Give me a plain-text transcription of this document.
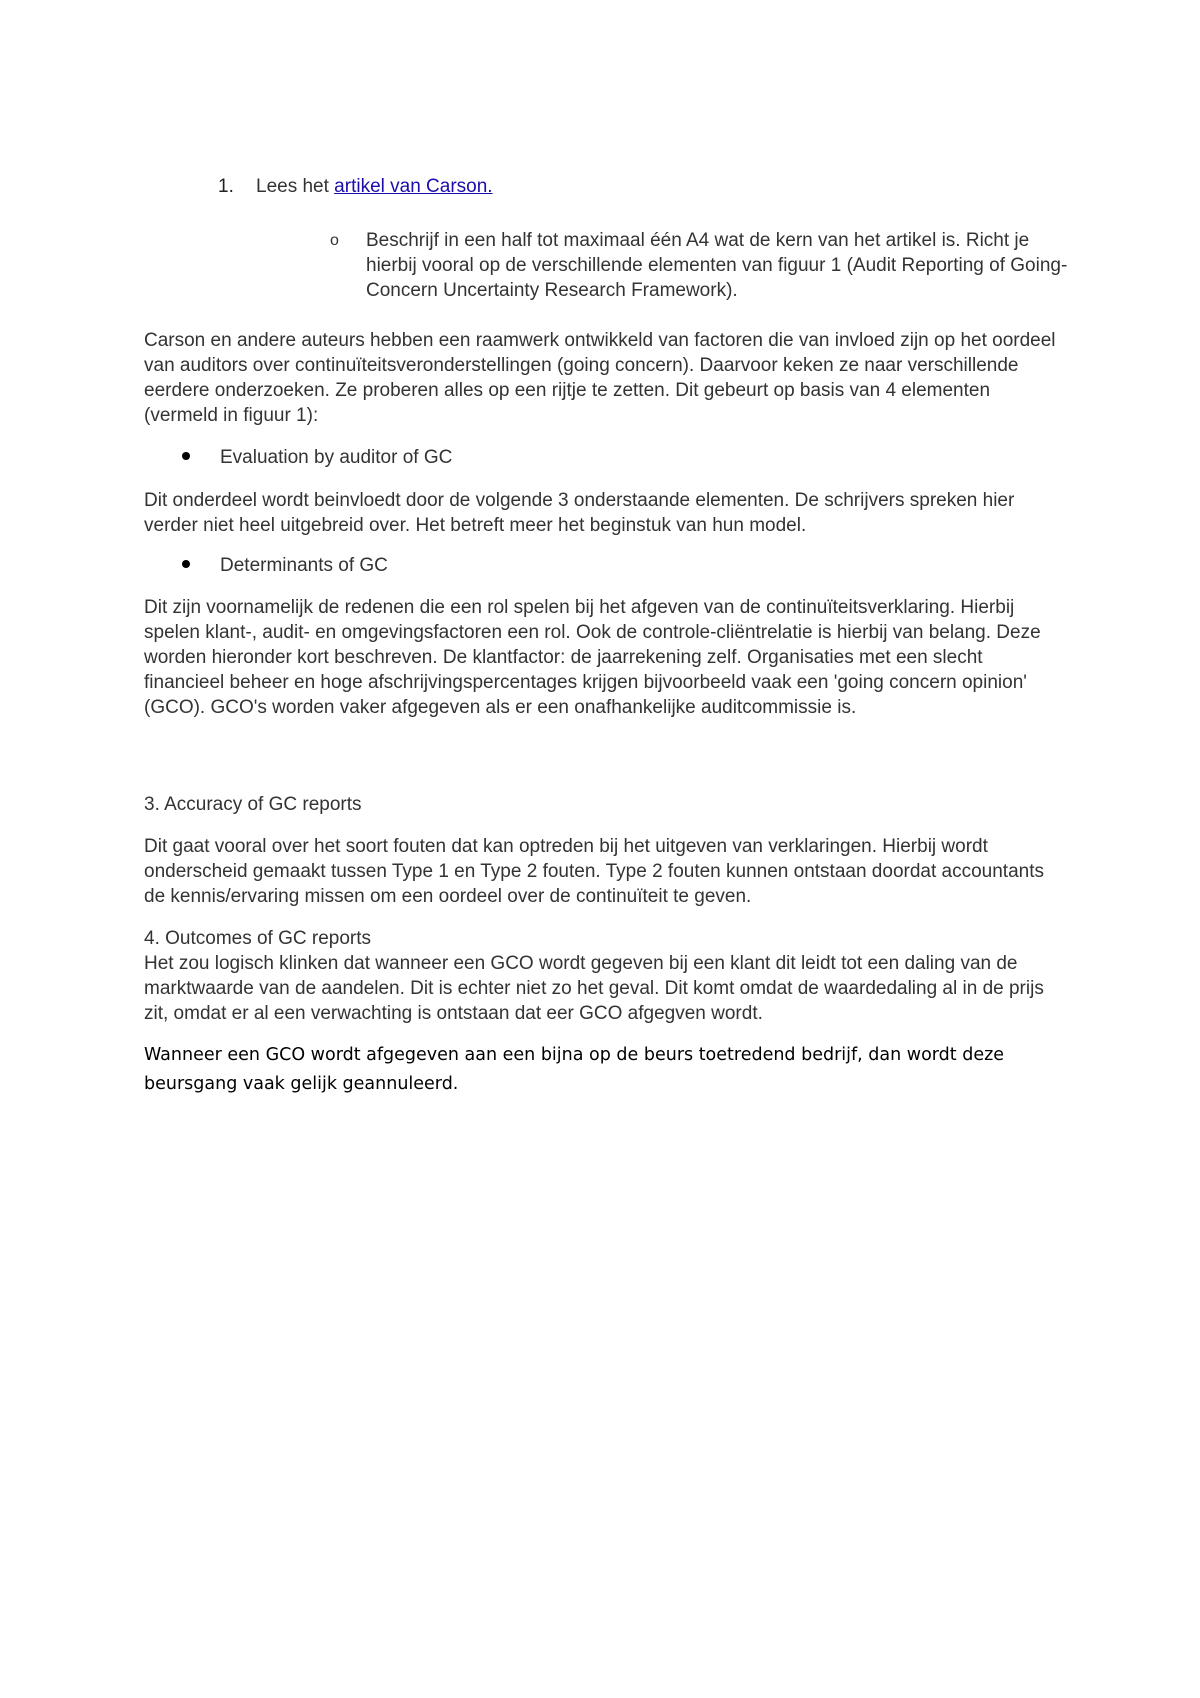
1. Lees het artikel van Carson.
o Beschrijf in een half tot maximaal één A4 wat de kern van het artikel is. Richt je hierbij vooral op de verschillende elementen van figuur 1 (Audit Reporting of Going-Concern Uncertainty Research Framework).

Carson en andere auteurs hebben een raamwerk ontwikkeld van factoren die van invloed zijn op het oordeel van auditors over continuïteitsveronderstellingen (going concern). Daarvoor keken ze naar verschillende eerdere onderzoeken. Ze proberen alles op een rijtje te zetten. Dit gebeurt op basis van 4 elementen (vermeld in figuur 1):

Evaluation by auditor of GC

Dit onderdeel wordt beinvloedt door de volgende 3 onderstaande elementen. De schrijvers spreken hier verder niet heel uitgebreid over. Het betreft meer het beginstuk van hun model.

Determinants of GC

Dit zijn voornamelijk de redenen die een rol spelen bij het afgeven van de continuïteitsverklaring. Hierbij spelen klant-, audit- en omgevingsfactoren een rol. Ook de controle-cliëntrelatie is hierbij van belang. Deze worden hieronder kort beschreven. De klantfactor: de jaarrekening zelf. Organisaties met een slecht financieel beheer en hoge afschrijvingspercentages krijgen bijvoorbeeld vaak een 'going concern opinion' (GCO). GCO's worden vaker afgegeven als er een onafhankelijke auditcommissie is.

3. Accuracy of GC reports

Dit gaat vooral over het soort fouten dat kan optreden bij het uitgeven van verklaringen. Hierbij wordt onderscheid gemaakt tussen Type 1 en Type 2 fouten. Type 2 fouten kunnen ontstaan doordat accountants de kennis/ervaring missen om een oordeel over de continuïteit te geven.

4. Outcomes of GC reports

Het zou logisch klinken dat wanneer een GCO wordt gegeven bij een klant dit leidt tot een daling van de marktwaarde van de aandelen. Dit is echter niet zo het geval. Dit komt omdat de waardedaling al in de prijs zit, omdat er al een verwachting is ontstaan dat eer GCO afgegven wordt.

Wanneer een GCO wordt afgegeven aan een bijna op de beurs toetredend bedrijf, dan wordt deze beursgang vaak gelijk geannuleerd.
